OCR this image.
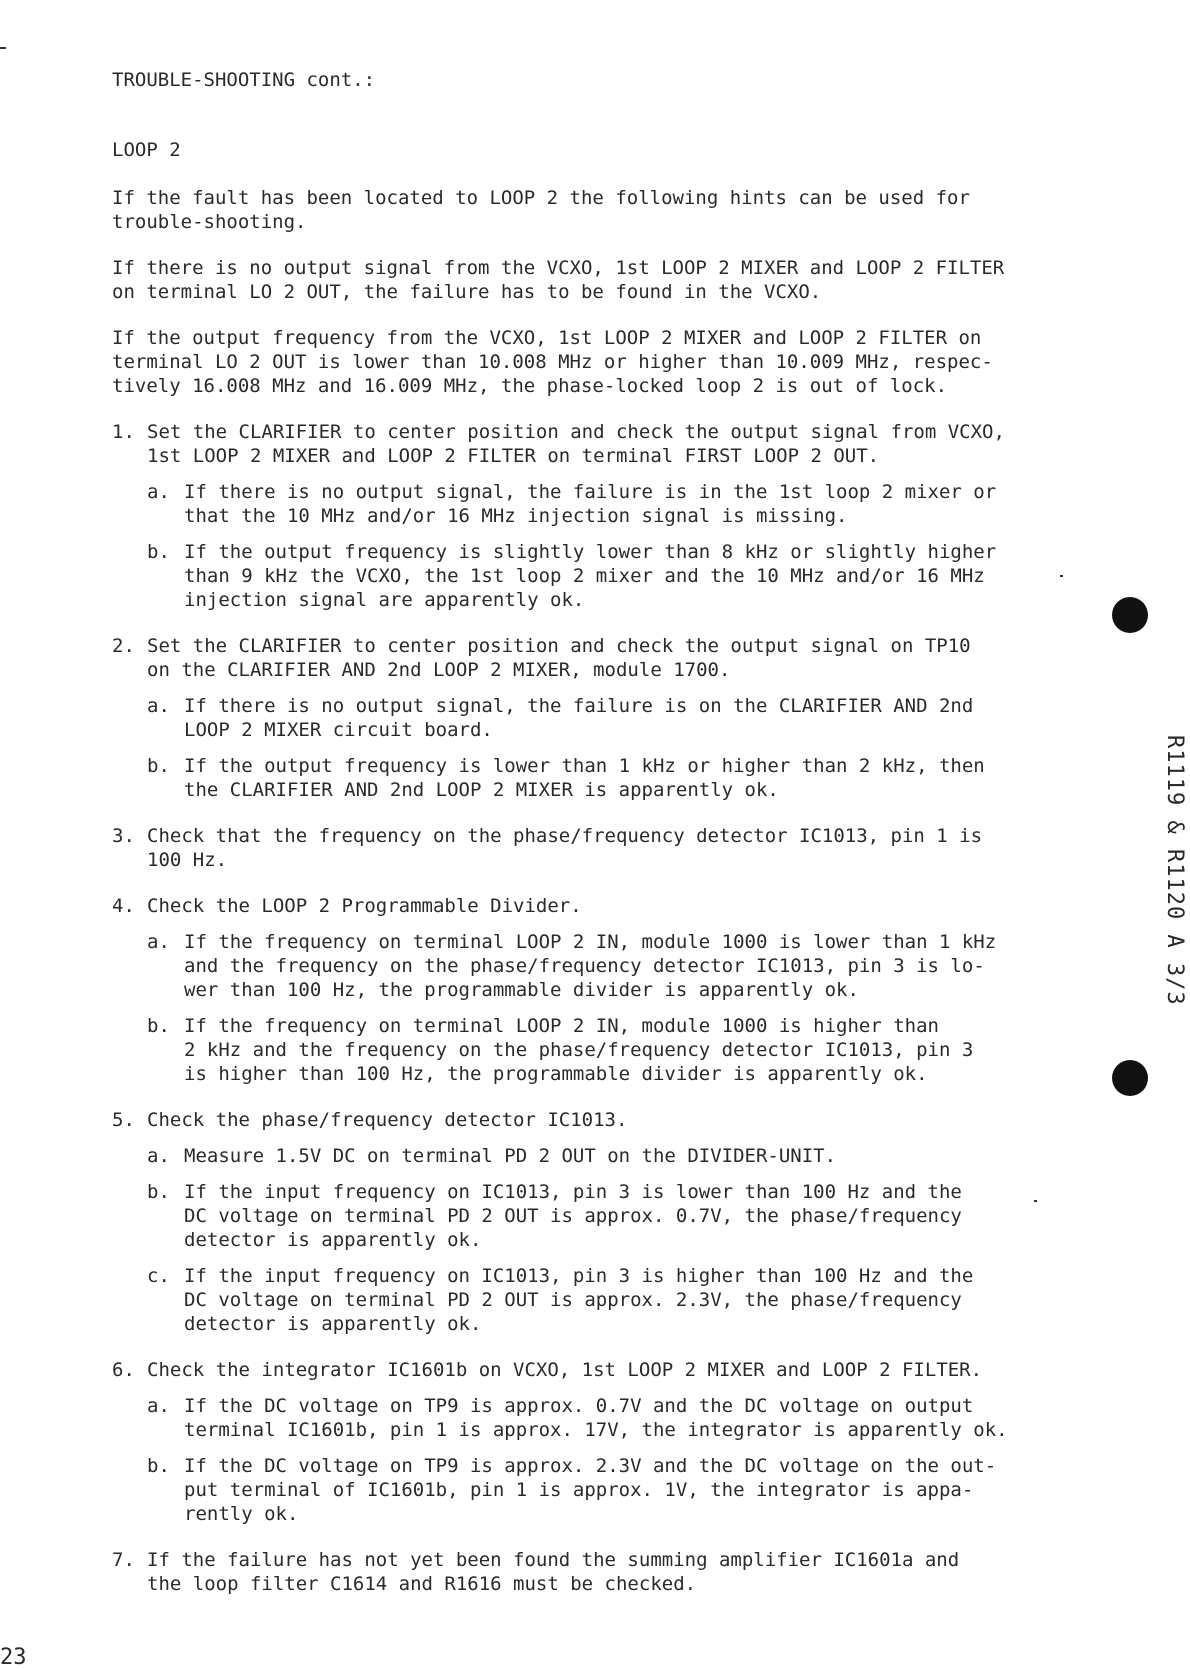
TROUBLE-SHOOTING cont.:
LOOP 2
If the fault has been located to LOOP 2 the following hints can be used for
trouble-shooting.
If there is no output signal from the VCXO, 1st LOOP 2 MIXER and LOOP 2 FILTER
on terminal LO 2 OUT, the failure has to be found in the VCXO.
If the output frequency from the VCXO, 1st LOOP 2 MIXER and LOOP 2 FILTER on
terminal LO 2 OUT is lower than 10.008 MHz or higher than 10.009 MHz, respec-
tively 16.008 MHz and 16.009 MHz, the phase-locked loop 2 is out of lock.
1. Set the CLARIFIER to center position and check the output signal from VCXO,
1st LOOP 2 MIXER and LOOP 2 FILTER on terminal FIRST LOOP 2 OUT.
a. If there is no output signal, the failure is in the 1st loop 2 mixer or
that the 10 MHz and/or 16 MHz injection signal is missing.
b. If the output frequency is slightly lower than 8 kHz or slightly higher
than 9 kHz the VCXO, the 1st loop 2 mixer and the 10 MHz and/or 16 MHz
injection signal are apparently ok.
2. Set the CLARIFIER to center position and check the output signal on TP10
on the CLARIFIER AND 2nd LOOP 2 MIXER, module 1700.
a. If there is no output signal, the failure is on the CLARIFIER AND 2nd
LOOP 2 MIXER circuit board.
b. If the output frequency is lower than 1 kHz or higher than 2 kHz, then
the CLARIFIER AND 2nd LOOP 2 MIXER is apparently ok.
3. Check that the frequency on the phase/frequency detector IC1013, pin 1 is
100 Hz.
4. Check the LOOP 2 Programmable Divider.
a. If the frequency on terminal LOOP 2 IN, module 1000 is lower than 1 kHz
and the frequency on the phase/frequency detector IC1013, pin 3 is lo-
wer than 100 Hz, the programmable divider is apparently ok.
b. If the frequency on terminal LOOP 2 IN, module 1000 is higher than
2 kHz and the frequency on the phase/frequency detector IC1013, pin 3
is higher than 100 Hz, the programmable divider is apparently ok.
5. Check the phase/frequency detector IC1013.
a. Measure 1.5V DC on terminal PD 2 OUT on the DIVIDER-UNIT.
b. If the input frequency on IC1013, pin 3 is lower than 100 Hz and the
DC voltage on terminal PD 2 OUT is approx. 0.7V, the phase/frequency
detector is apparently ok.
c. If the input frequency on IC1013, pin 3 is higher than 100 Hz and the
DC voltage on terminal PD 2 OUT is approx. 2.3V, the phase/frequency
detector is apparently ok.
6. Check the integrator IC1601b on VCXO, 1st LOOP 2 MIXER and LOOP 2 FILTER.
a. If the DC voltage on TP9 is approx. 0.7V and the DC voltage on output
terminal IC1601b, pin 1 is approx. 17V, the integrator is apparently ok.
b. If the DC voltage on TP9 is approx. 2.3V and the DC voltage on the out-
put terminal of IC1601b, pin 1 is approx. 1V, the integrator is appa-
rently ok.
7. If the failure has not yet been found the summing amplifier IC1601a and
the loop filter C1614 and R1616 must be checked.
R1119 & R1120 A 3/3
23
